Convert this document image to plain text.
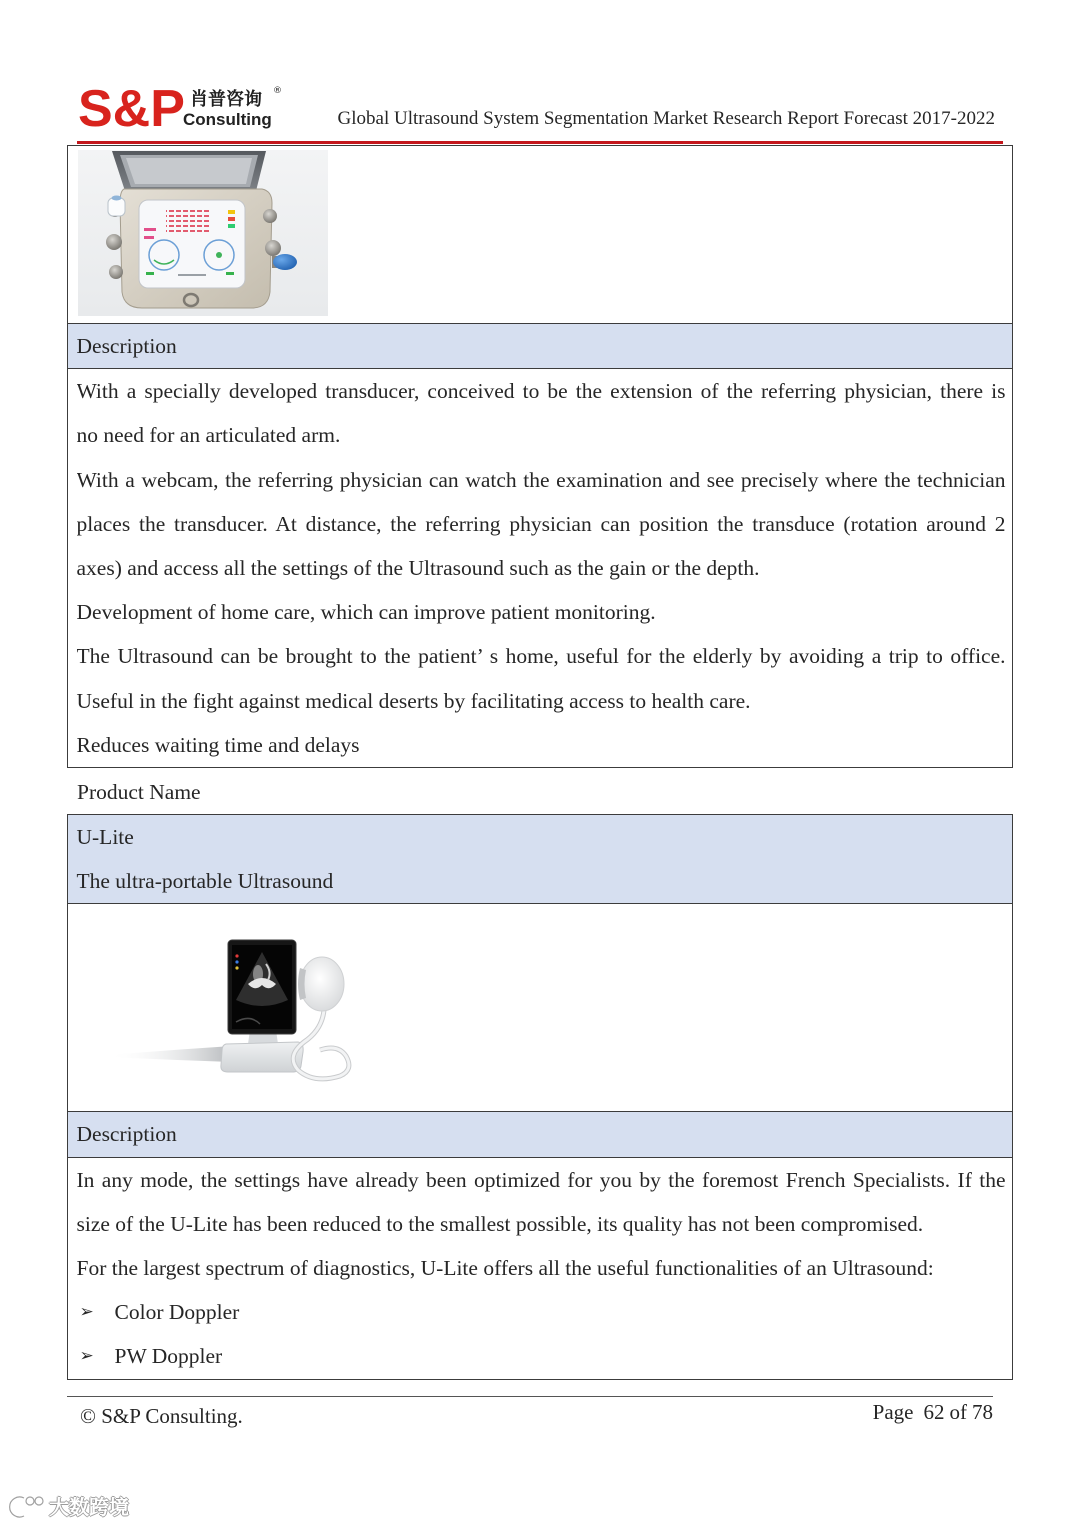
S&P 肖普咨询 ®
Consulting	Global Ultrasound System Segmentation Market Research Report Forecast 2017-2022
Description
With a specially developed transducer, conceived to be the extension of the referring physician, there is
no need for an articulated arm.
With a webcam, the referring physician can watch the examination and see precisely where the technician
places the transducer. At distance, the referring physician can position the transduce (rotation around 2
axes) and access all the settings of the Ultrasound such as the gain or the depth.
Development of home care, which can improve patient monitoring.
The Ultrasound can be brought to the patient’ s home, useful for the elderly by avoiding a trip to office.
Useful in the fight against medical deserts by facilitating access to health care.
Reduces waiting time and delays
Product Name
U-Lite
The ultra-portable Ultrasound
Description
In any mode, the settings have already been optimized for you by the foremost French Specialists. If the
size of the U-Lite has been reduced to the smallest possible, its quality has not been compromised.
For the largest spectrum of diagnostics, U-Lite offers all the useful functionalities of an Ultrasound:
➢ Color Doppler
➢ PW Doppler
© S&P Consulting.	Page 62 of 78
大数跨境
